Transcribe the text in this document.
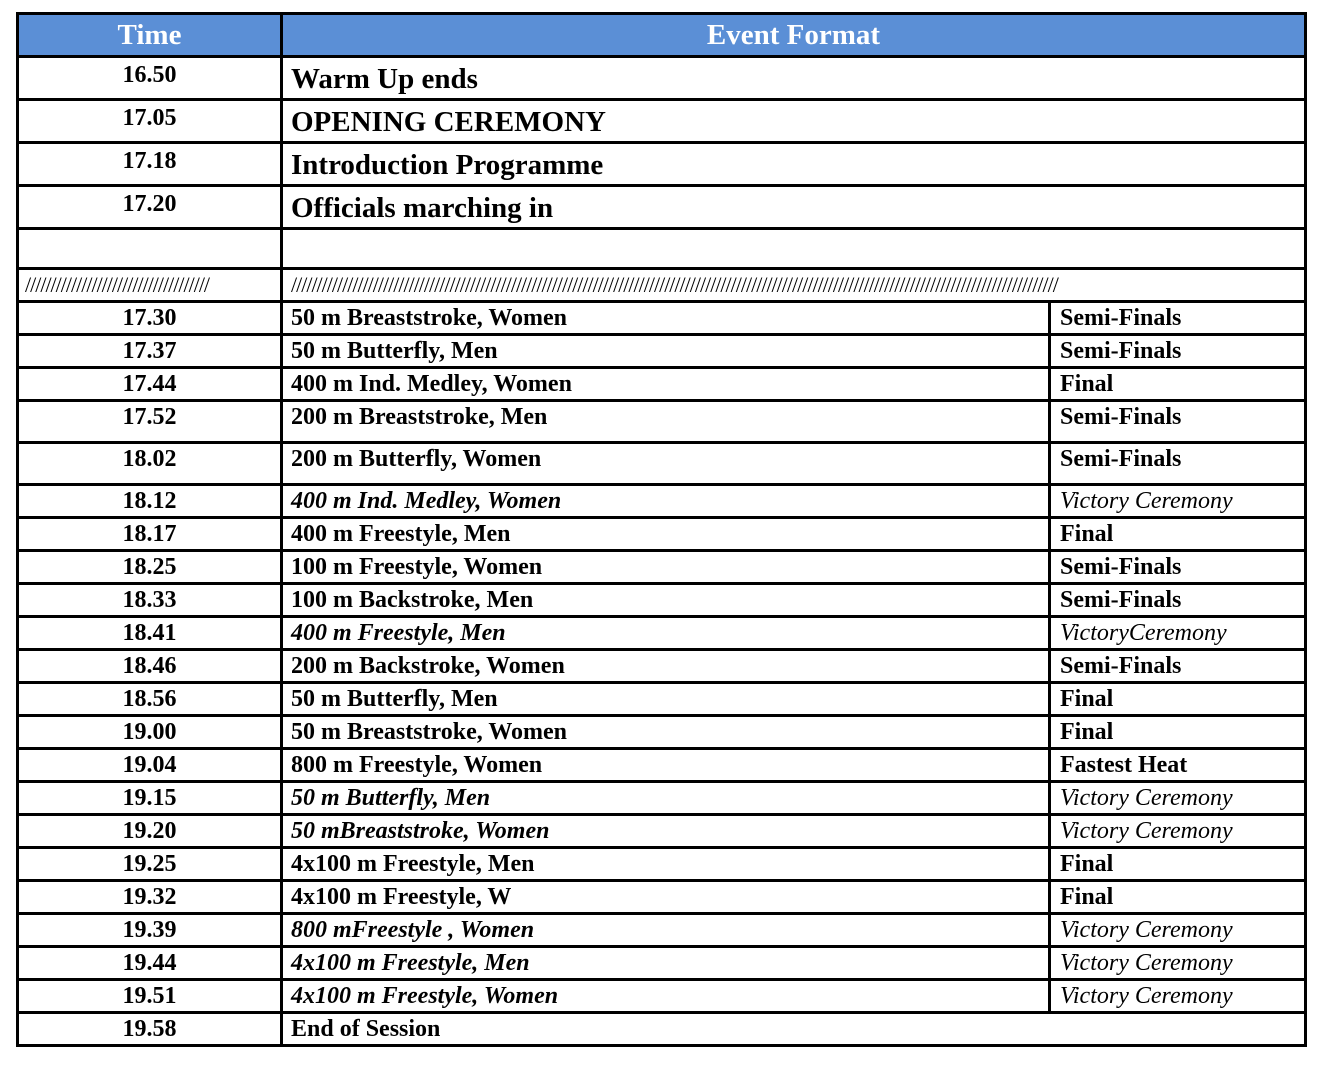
Time	Event Format	
16.50	Warm Up ends	
17.05	OPENING CEREMONY	
17.18	Introduction Programme	
17.20	Officials marching in	

////////////////////////////////////	//////////////////////////////////////////////////////////////////////////////////////////////////////////////////////////////////////////////////////	
17.30	50 m Breaststroke, Women	Semi-Finals
17.37	50 m Butterfly, Men	Semi-Finals
17.44	400 m Ind. Medley, Women	Final
17.52	200 m Breaststroke, Men	Semi-Finals
18.02	200 m Butterfly, Women	Semi-Finals
18.12	400 m Ind. Medley, Women	Victory Ceremony
18.17	400 m Freestyle, Men	Final
18.25	100 m Freestyle, Women	Semi-Finals
18.33	100 m Backstroke, Men	Semi-Finals
18.41	400 m Freestyle, Men	VictoryCeremony
18.46	200 m Backstroke, Women	Semi-Finals
18.56	50 m Butterfly, Men	Final
19.00	50 m Breaststroke, Women	Final
19.04	800 m Freestyle, Women	Fastest Heat
19.15	50 m Butterfly, Men	Victory Ceremony
19.20	50 mBreaststroke, Women	Victory Ceremony
19.25	4x100 m Freestyle, Men	Final
19.32	4x100 m Freestyle, W	Final
19.39	800 mFreestyle , Women	Victory Ceremony
19.44	4x100 m Freestyle, Men	Victory Ceremony
19.51	4x100 m Freestyle, Women	Victory Ceremony
19.58	End of Session	
